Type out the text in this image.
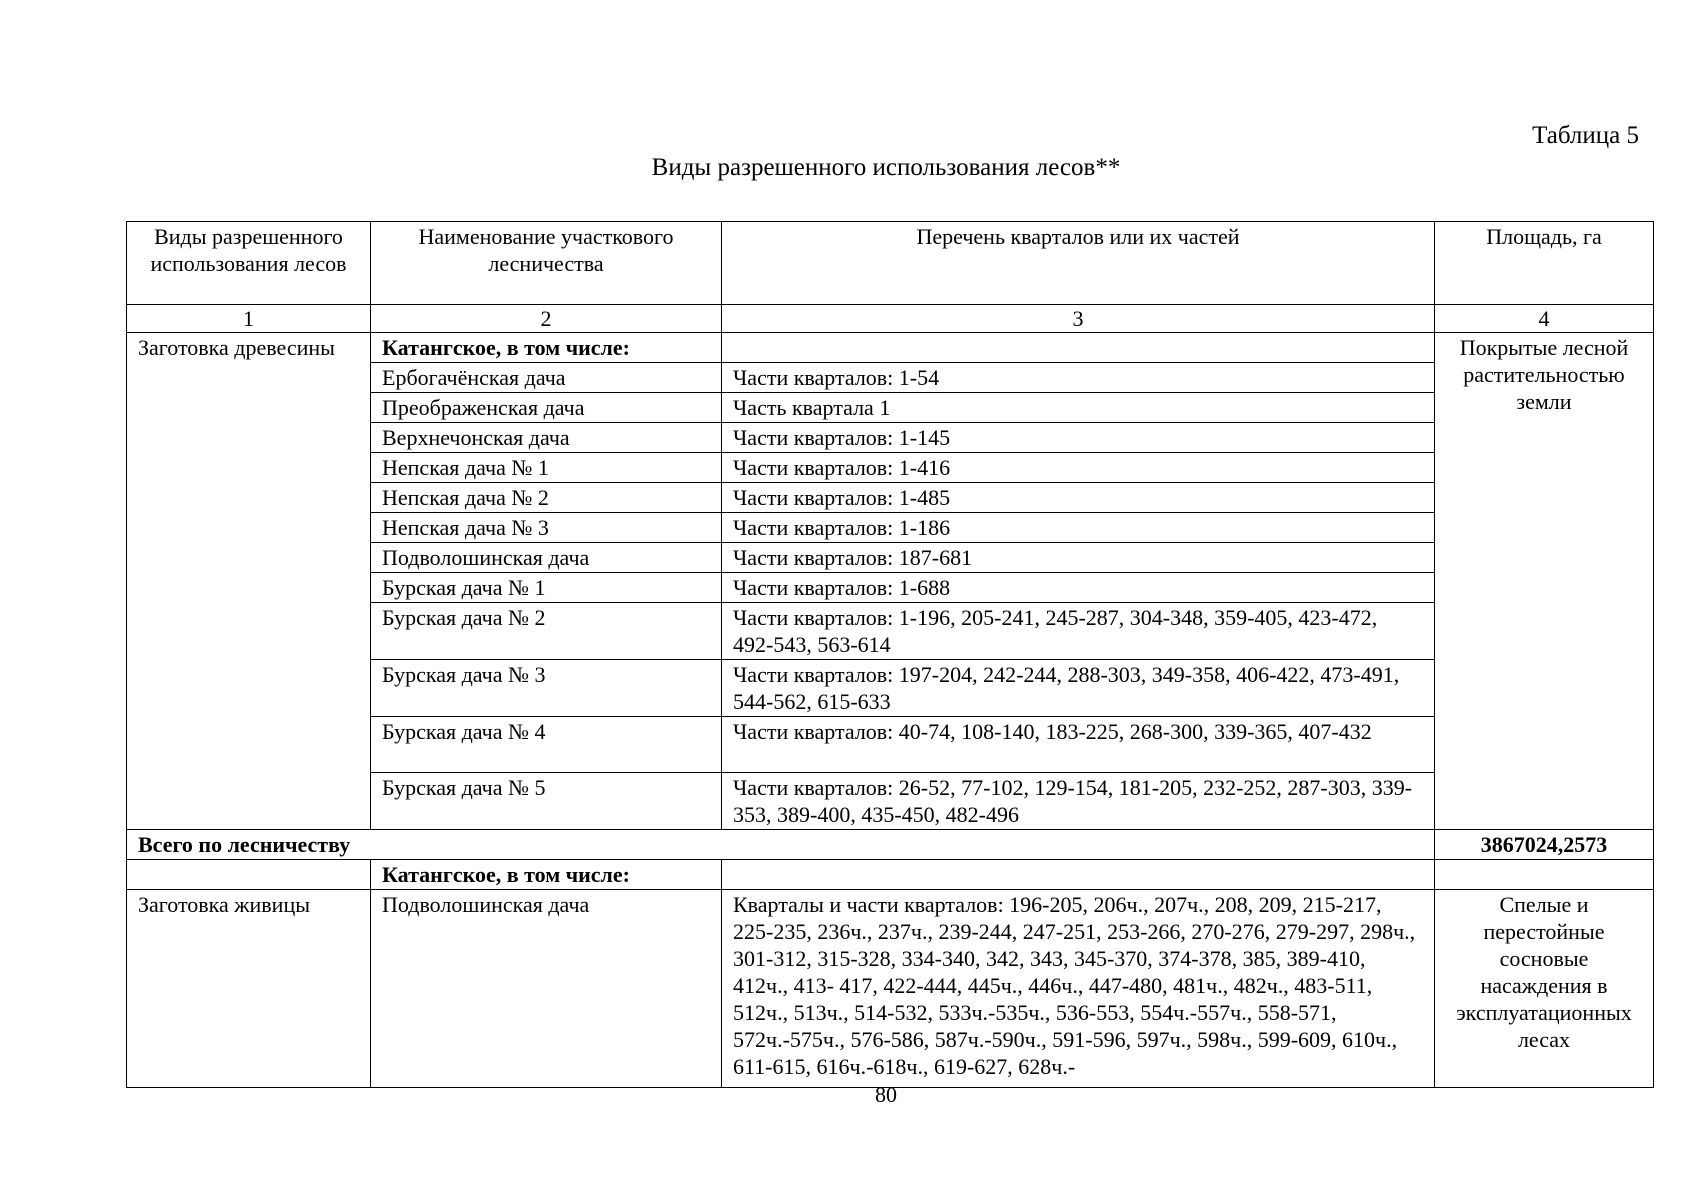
Таблица 5
Виды разрешенного использования лесов**
Виды разрешенного использования лесов	Наименование участкового лесничества	Перечень кварталов или их частей	Площадь, га
1	2	3	4
Заготовка древесины	Катангское, в том числе:		Покрытые лесной растительностью земли
	Ербогачёнская дача	Части кварталов: 1-54	
	Преображенская дача	Часть квартала 1	
	Верхнечонская дача	Части кварталов: 1-145	
	Непская дача № 1	Части кварталов: 1-416	
	Непская дача № 2	Части кварталов: 1-485	
	Непская дача № 3	Части кварталов: 1-186	
	Подволошинская дача	Части кварталов: 187-681	
	Бурская дача № 1	Части кварталов: 1-688	
	Бурская дача № 2	Части кварталов: 1-196, 205-241, 245-287, 304-348, 359-405, 423-472, 492-543, 563-614	
	Бурская дача № 3	Части кварталов: 197-204, 242-244, 288-303, 349-358, 406-422, 473-491, 544-562, 615-633	
	Бурская дача № 4	Части кварталов: 40-74, 108-140, 183-225, 268-300, 339-365, 407-432	
	Бурская дача № 5	Части кварталов: 26-52, 77-102, 129-154, 181-205, 232-252, 287-303, 339-353, 389-400, 435-450, 482-496	
Всего по лесничеству			3867024,2573
	Катангское, в том числе:		
Заготовка живицы	Подволошинская дача	Кварталы и части кварталов: 196-205, 206ч., 207ч., 208, 209, 215-217, 225-235, 236ч., 237ч., 239-244, 247-251, 253-266, 270-276, 279-297, 298ч., 301-312, 315-328, 334-340, 342, 343, 345-370, 374-378, 385, 389-410, 412ч., 413- 417, 422-444, 445ч., 446ч., 447-480, 481ч., 482ч., 483-511, 512ч., 513ч., 514-532, 533ч.-535ч., 536-553, 554ч.-557ч., 558-571, 572ч.-575ч., 576-586, 587ч.-590ч., 591-596, 597ч., 598ч., 599-609, 610ч., 611-615, 616ч.-618ч., 619-627, 628ч.-	Спелые и перестойные сосновые насаждения в эксплуатационных лесах
80
